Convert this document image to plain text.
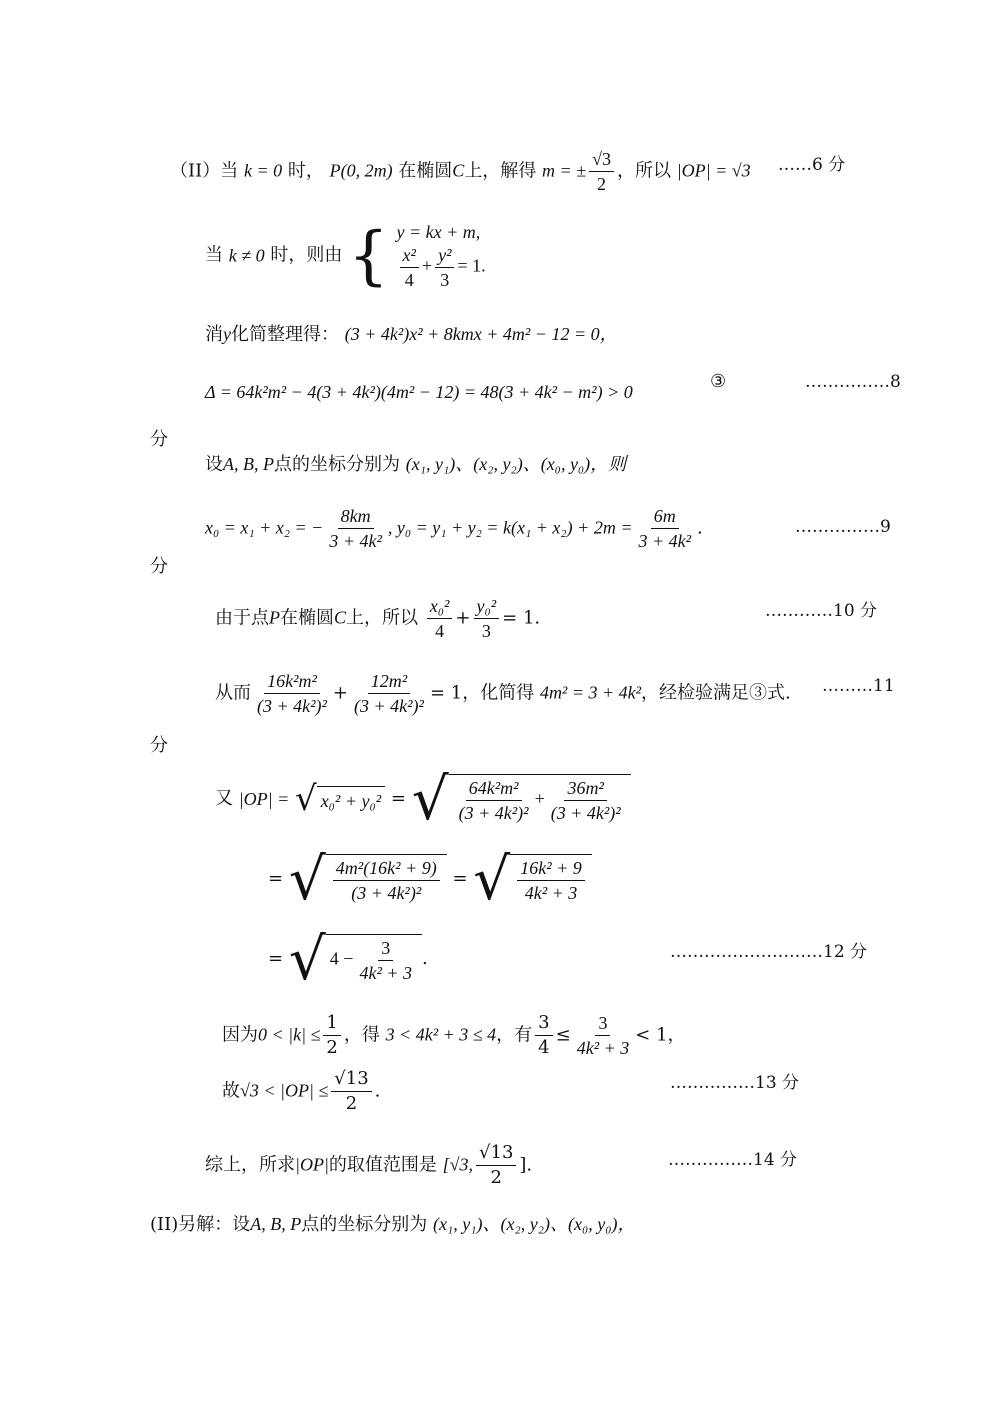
（II）当 k = 0 时， P(0, 2m) 在椭圆C上，解得 m = ± $\frac{√3}{2}$ ，所以 |OP| = √3 ……6 分
当 k ≠ 0 时，则由 { y = kx + m,
$\frac{\text{x²}}{4} + \frac{\text{y²}}{3} = 1$.
消y化简整理得： (3 + 4k²)x² + 8kmx + 4m² − 12 = 0，
Δ = 64k²m² − 4(3 + 4k²)(4m² − 12) = 48(3 + 4k² − m²) > 0	③	……………8
分
设A, B, P点的坐标分别为 (x₁, y₁)、(x₂, y₂)、(x₀, y₀)，则
x₀ = x₁ + x₂ = − $\frac{8km}{\text{3 + 4k²}}$ , $y_0 = y_1 + y_2 = k(x_1 + x_2) + 2m = \frac{6m}{\text{3 + 4k²}}$ .	……………9
分
由于点P在椭圆C上，所以 $\frac{\text{x₀²}}{4} + \frac{\text{y₀²}}{3} = 1$.	…………10 分
从而 $\frac{\text{16k²m²}}{\text{(3 + 4k²)²}} + \frac{\text{12m²}}{\text{(3 + 4k²)²}} = 1$，化简得 4m² = 3 + 4k²，经检验满足③式. ………11
分
又 |OP| = √ x₀² + y₀² = √ $\frac{\text{64k²m²}}{\text{(3 + 4k²)²}} + \frac{\text{36m²}}{\text{(3 + 4k²)²}}$
= √ $\frac{\text{4m²(16k² + 9)}}{\text{(3 + 4k²)²}}$ = √ $\frac{\text{16k² + 9}}{\text{4k² + 3}}$
= √ $4 - \frac{3}{\text{4k² + 3}}$ .	………………………12 分
因为$0 < |k| \le \frac{1}{2}$ ，得 3 < 4k² + 3 ≤ 4，有 $\frac{3}{4} \le \frac{3}{\text{4k² + 3}} < 1$，
故$√3 < |OP| \le \frac{√13}{2}$ .	……………13 分
综上，所求|OP|的取值范围是 [√3, $\frac{√13}{2}$ ].	……………14 分
(II)另解：设A, B, P点的坐标分别为 (x₁, y₁)、(x₂, y₂)、(x₀, y₀)，
